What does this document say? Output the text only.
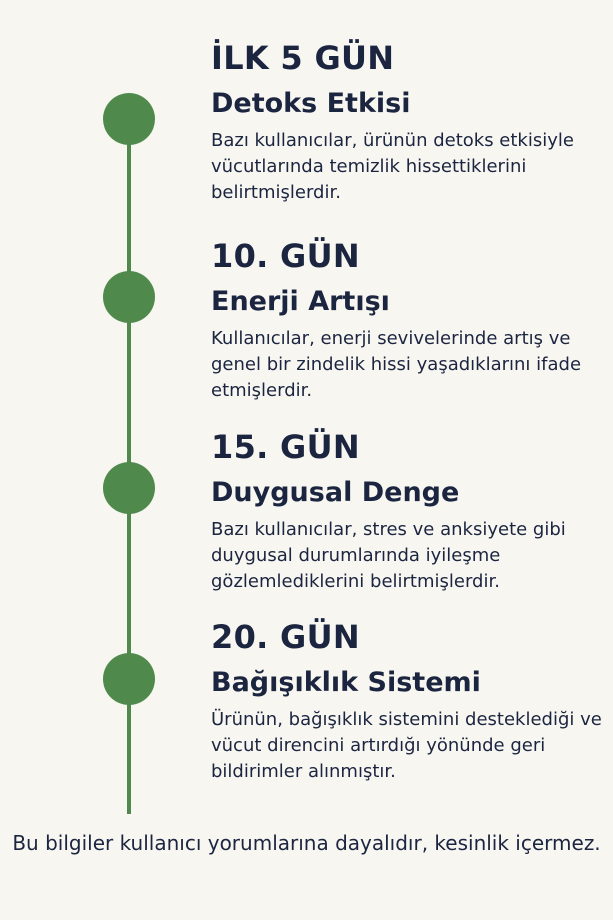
İLK 5 GÜN
Detoks Etkisi
Bazı kullanıcılar, ürünün detoks etkisiyle vücutlarında temizlik hissettiklerini belirtmişlerdir.
10. GÜN
Enerji Artışı
Kullanıcılar, enerji sevivelerinde artış ve genel bir zindelik hissi yaşadıklarını ifade etmişlerdir.
15. GÜN
Duygusal Denge
Bazı kullanıcılar, stres ve anksiyete gibi duygusal durumlarında iyileşme gözlemlediklerini belirtmişlerdir.
20. GÜN
Bağışıklık Sistemi
Ürünün, bağışıklık sistemini desteklediği ve vücut direncini artırdığı yönünde geri bildirimler alınmıştır.
Bu bilgiler kullanıcı yorumlarına dayalıdır, kesinlik içermez.
